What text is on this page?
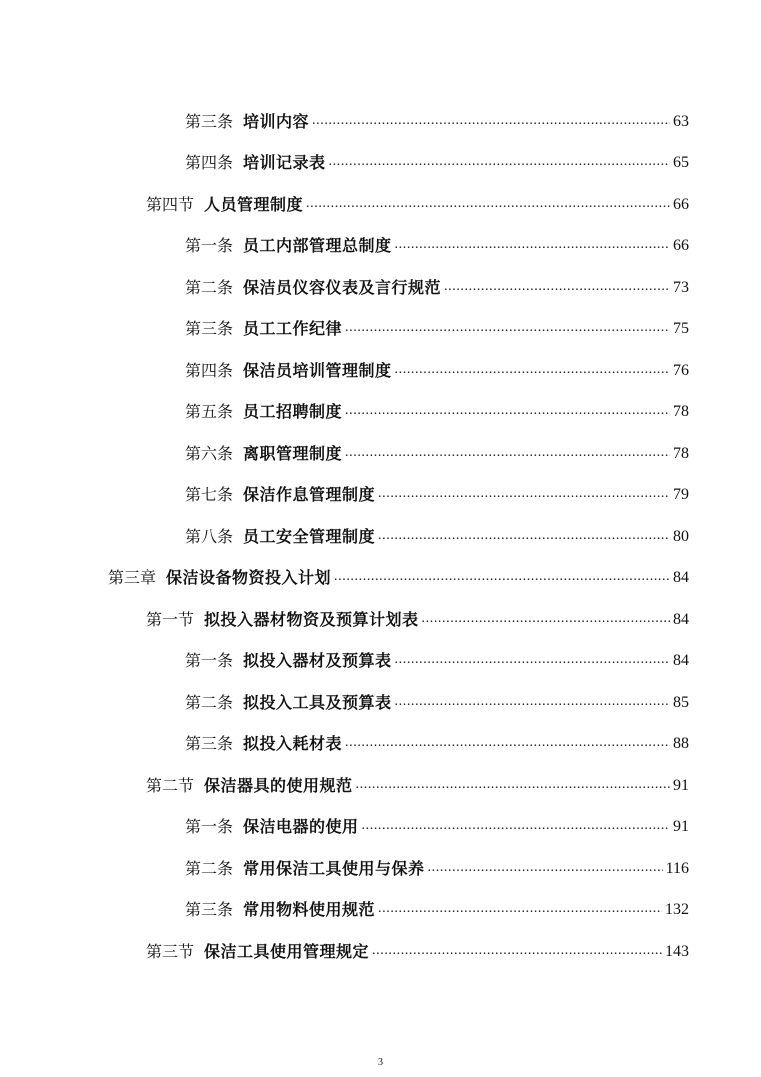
第三条 培训内容 .....	63
第四条 培训记录表 .....	65
第四节 人员管理制度 .....	66
第一条 员工内部管理总制度 .....	66
第二条 保洁员仪容仪表及言行规范 .....	73
第三条 员工工作纪律 .....	75
第四条 保洁员培训管理制度 .....	76
第五条 员工招聘制度 .....	78
第六条 离职管理制度 .....	78
第七条 保洁作息管理制度 .....	79
第八条 员工安全管理制度 .....	80
第三章 保洁设备物资投入计划 .....	84
第一节 拟投入器材物资及预算计划表 .....	84
第一条 拟投入器材及预算表 .....	84
第二条 拟投入工具及预算表 .....	85
第三条 拟投入耗材表 .....	88
第二节 保洁器具的使用规范 .....	91
第一条 保洁电器的使用 .....	91
第二条 常用保洁工具使用与保养 .....	116
第三条 常用物料使用规范 .....	132
第三节 保洁工具使用管理规定 .....	143
3
